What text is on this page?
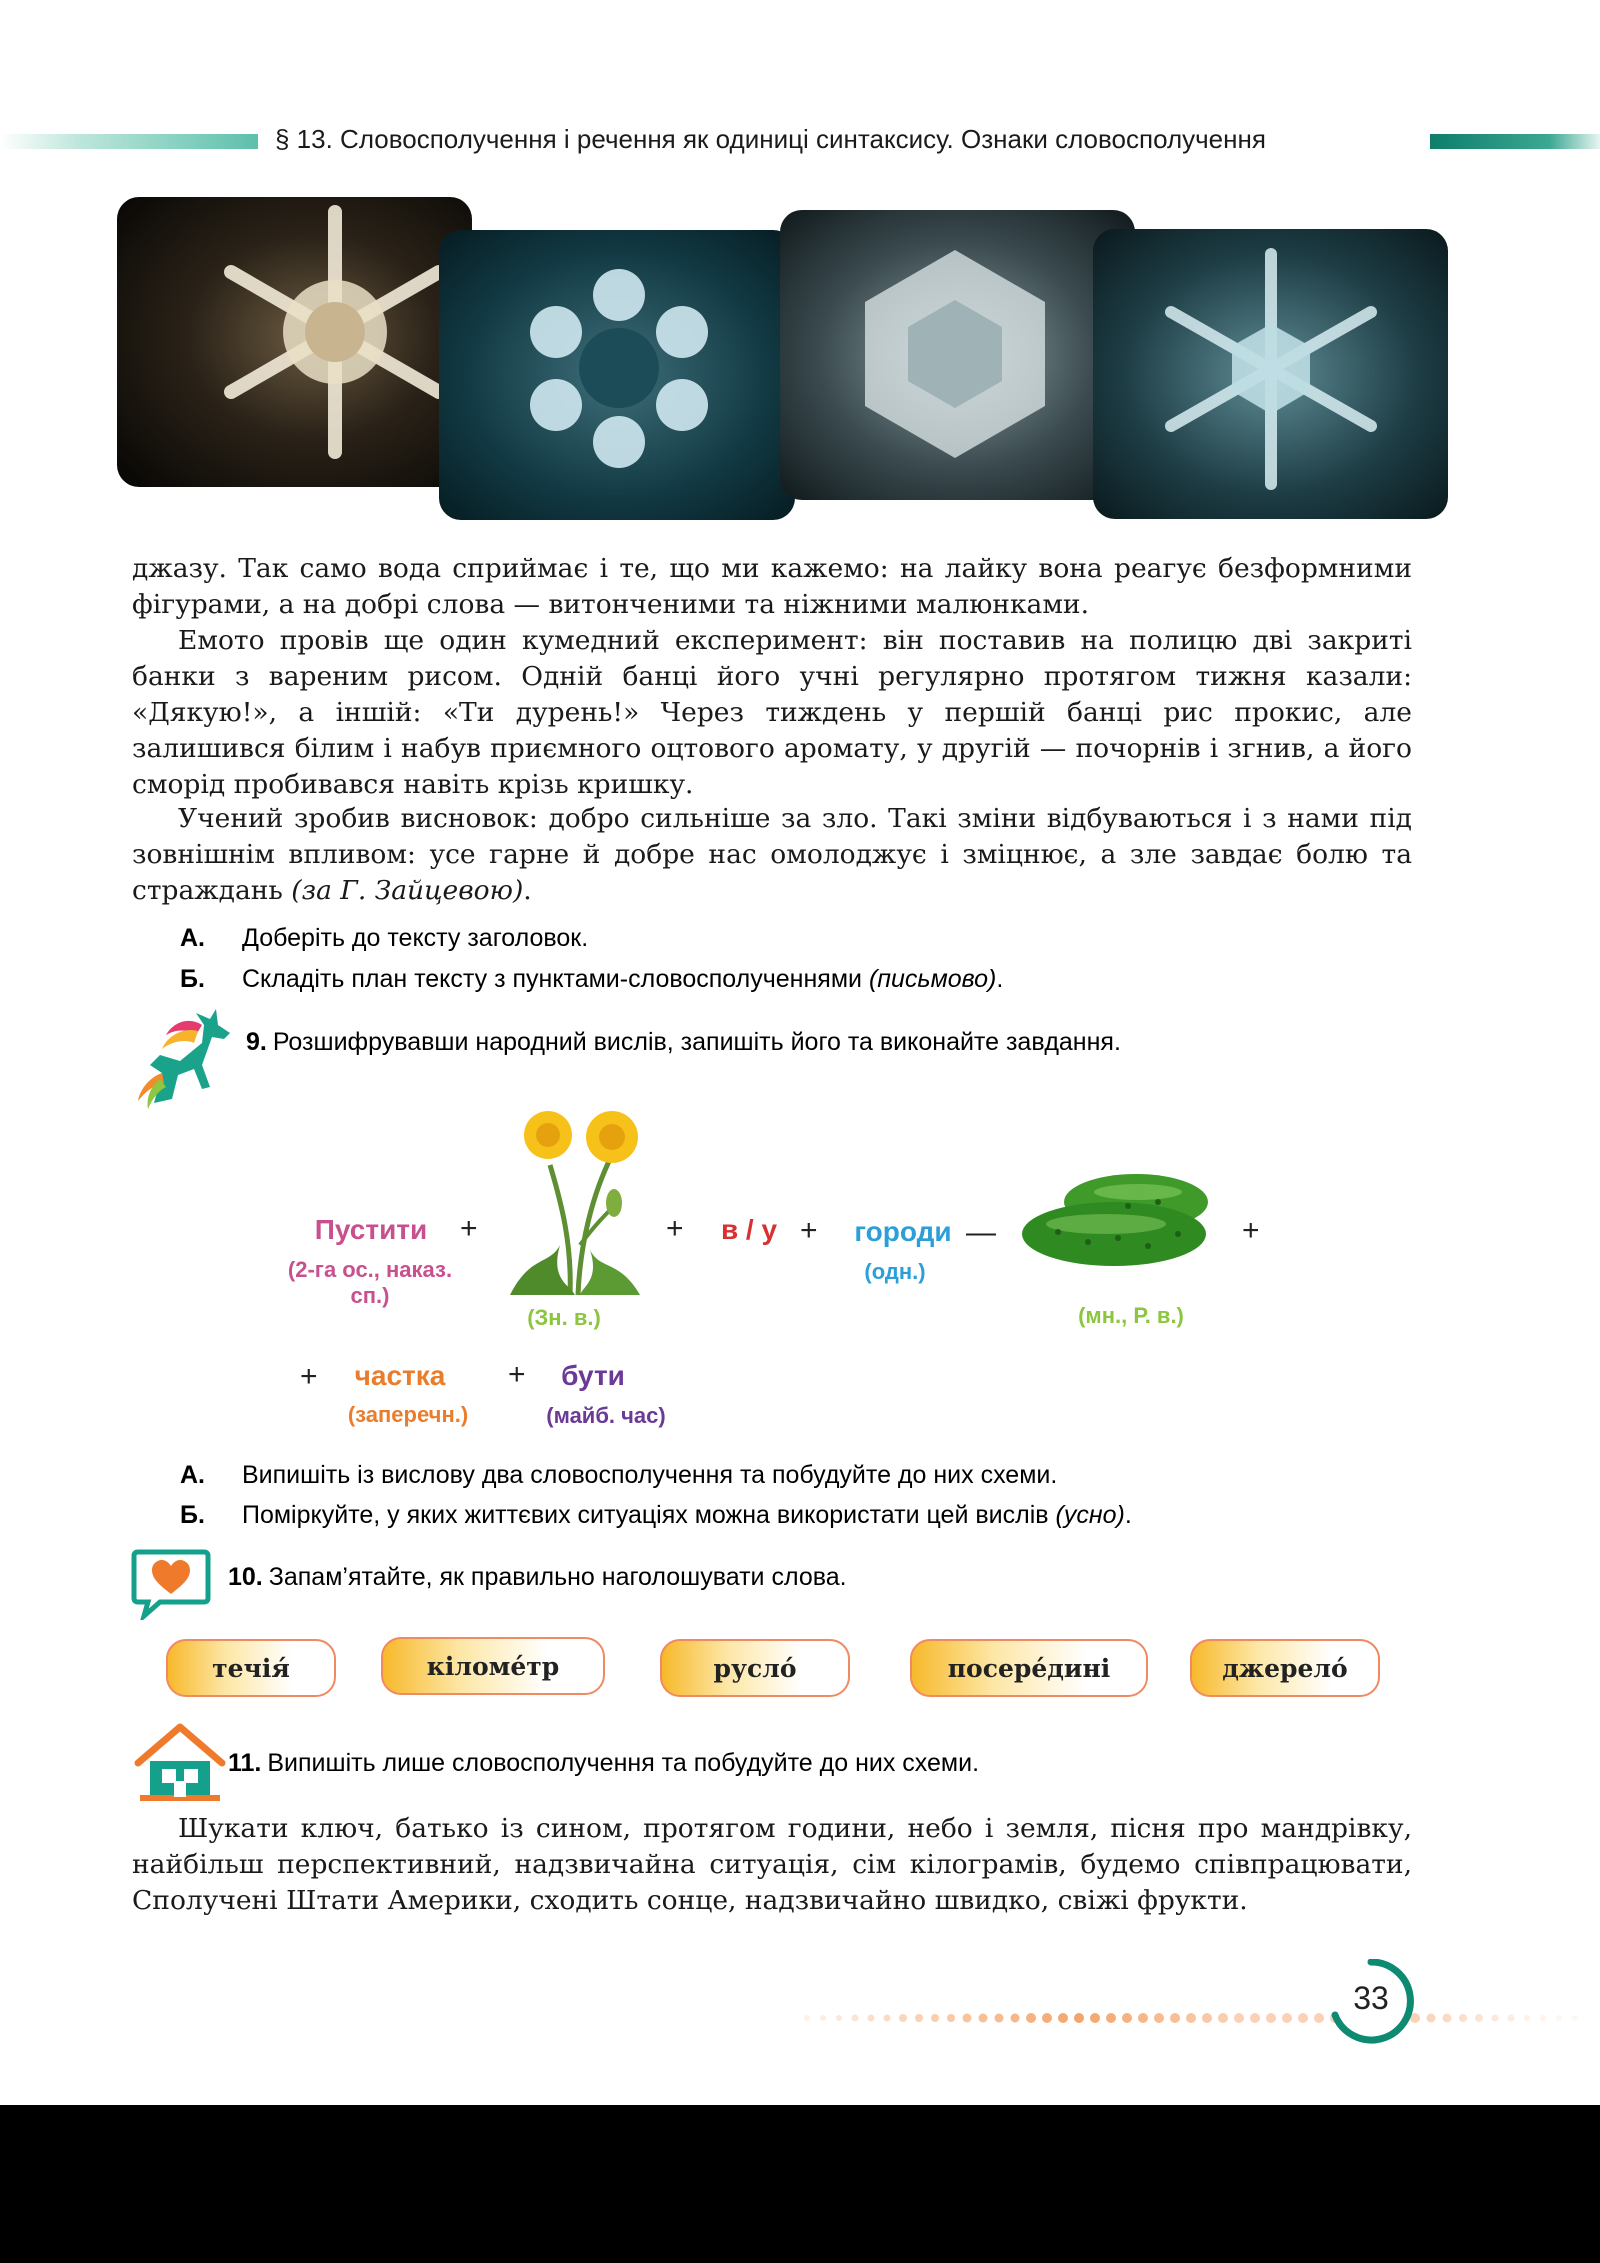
§ 13. Словосполучення і речення як одиниці синтаксису. Ознаки словосполучення
джазу. Так само вода сприймає і те, що ми кажемо: на лайку вона реагує безформними фігурами, а на добрі слова — витонченими та ніжними малюнками.
Емото провів ще один кумедний експеримент: він поставив на полицю дві закриті банки з вареним рисом. Одній банці його учні регулярно протягом тижня казали: «Дякую!», а іншій: «Ти дурень!» Через тиждень у першій банці рис прокис, але залишився білим і набув приємного оцтового аромату, у другій — почорнів і згнив, а його сморід пробивався навіть крізь кришку.
Учений зробив висновок: добро сильніше за зло. Такі зміни відбуваються і з нами під зовнішнім впливом: усе гарне й добре нас омолоджує і зміцнює, а зле завдає болю та страждань (за Г. Зайцевою).
А. Доберіть до тексту заголовок.
Б. Складіть план тексту з пунктами-словосполученнями (письмово).
9. Розшифрувавши народний вислів, запишіть його та виконайте завдання.
Пустити
(2-га ос., наказ. сп.)
+
(Зн. в.)
+	в / у +	городи
(одн.)
—
(мн., Р. в.)
+
+	частка
(заперечн.)
+	бути
(майб. час)
А. Випишіть із вислову два словосполучення та побудуйте до них схеми.
Б. Поміркуйте, у яких життєвих ситуаціях можна використати цей вислів (усно).
10. Запам’ятайте, як правильно наголошувати слова.
течія́	кіломе́тр	русло́	посере́дині	джерело́
11. Випишіть лише словосполучення та побудуйте до них схеми.
Шукати ключ, батько із сином, протягом години, небо і земля, пісня про мандрівку, найбільш перспективний, надзвичайна ситуація, сім кілограмів, будемо співпрацювати, Сполучені Штати Америки, сходить сонце, надзвичайно швидко, свіжі фрукти.
33
